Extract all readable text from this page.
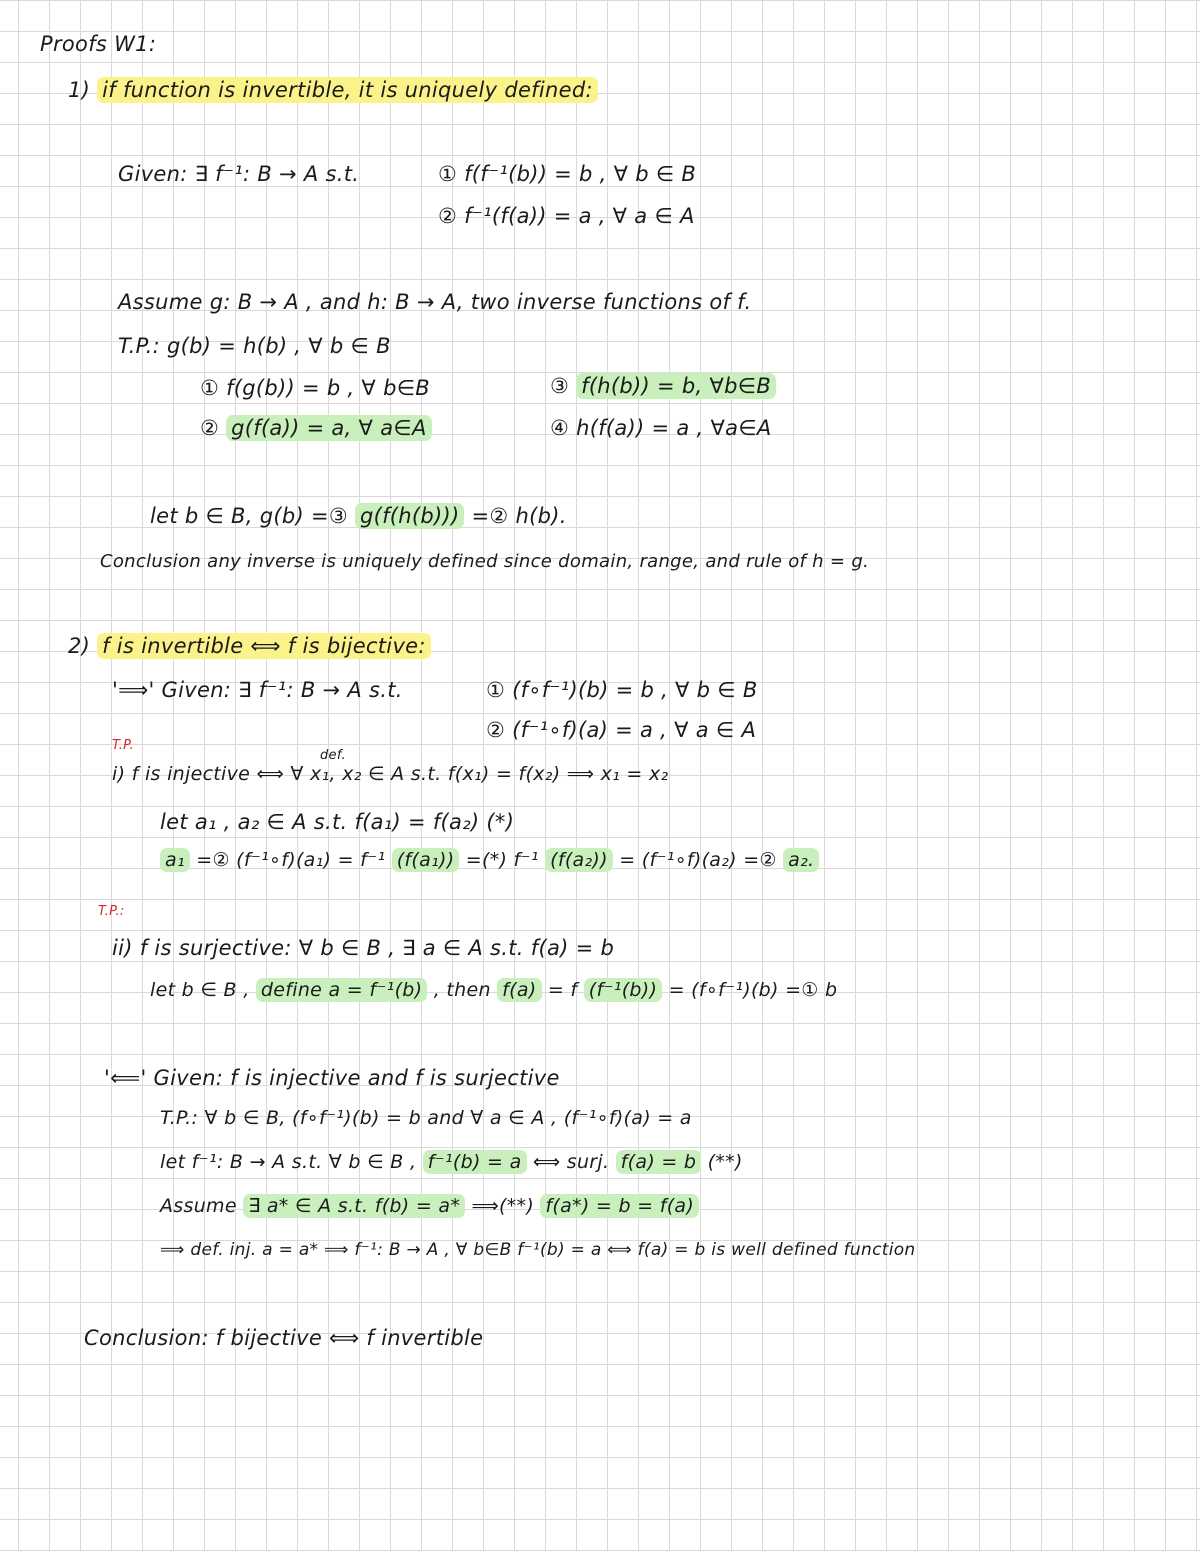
Proofs W1:
1) if function is invertible, it is uniquely defined:
Given: ∃ f⁻¹: B → A s.t.	① f(f⁻¹(b)) = b , ∀ b ∈ B
② f⁻¹(f(a)) = a , ∀ a ∈ A
Assume g: B → A , and h: B → A, two inverse functions of f.
T.P.: g(b) = h(b) , ∀ b ∈ B
① f(g(b)) = b , ∀ b∈B
② g(f(a)) = a, ∀ a∈A
③ f(h(b)) = b, ∀b∈B
④ h(f(a)) = a , ∀a∈A
let b ∈ B, g(b) =③ g(f(h(b))) =② h(b).
Conclusion any inverse is uniquely defined since domain, range, and rule of h = g.
2) f is invertible ⟺ f is bijective:
'⟹' Given: ∃ f⁻¹: B → A s.t.	① (f∘f⁻¹)(b) = b , ∀ b ∈ B
② (f⁻¹∘f)(a) = a , ∀ a ∈ A
T.P.
def.
i) f is injective ⟺ ∀ x₁, x₂ ∈ A s.t. f(x₁) = f(x₂) ⟹ x₁ = x₂
let a₁ , a₂ ∈ A s.t. f(a₁) = f(a₂) (*)
a₁ =② (f⁻¹∘f)(a₁) = f⁻¹ (f(a₁)) =(*) f⁻¹ (f(a₂)) = (f⁻¹∘f)(a₂) =② a₂.
T.P.:
ii) f is surjective: ∀ b ∈ B , ∃ a ∈ A s.t. f(a) = b
let b ∈ B , define a = f⁻¹(b) , then f(a) = f (f⁻¹(b)) = (f∘f⁻¹)(b) =① b
'⟸' Given: f is injective and f is surjective
T.P.: ∀ b ∈ B, (f∘f⁻¹)(b) = b and ∀ a ∈ A , (f⁻¹∘f)(a) = a
let f⁻¹: B → A s.t. ∀ b ∈ B , f⁻¹(b) = a ⟺ surj. f(a) = b (**)
Assume ∃ a* ∈ A s.t. f(b) = a* ⟹(**) f(a*) = b = f(a)
⟹ def. inj. a = a* ⟹ f⁻¹: B → A , ∀ b∈B f⁻¹(b) = a ⟺ f(a) = b is well defined function
Conclusion: f bijective ⟺ f invertible
